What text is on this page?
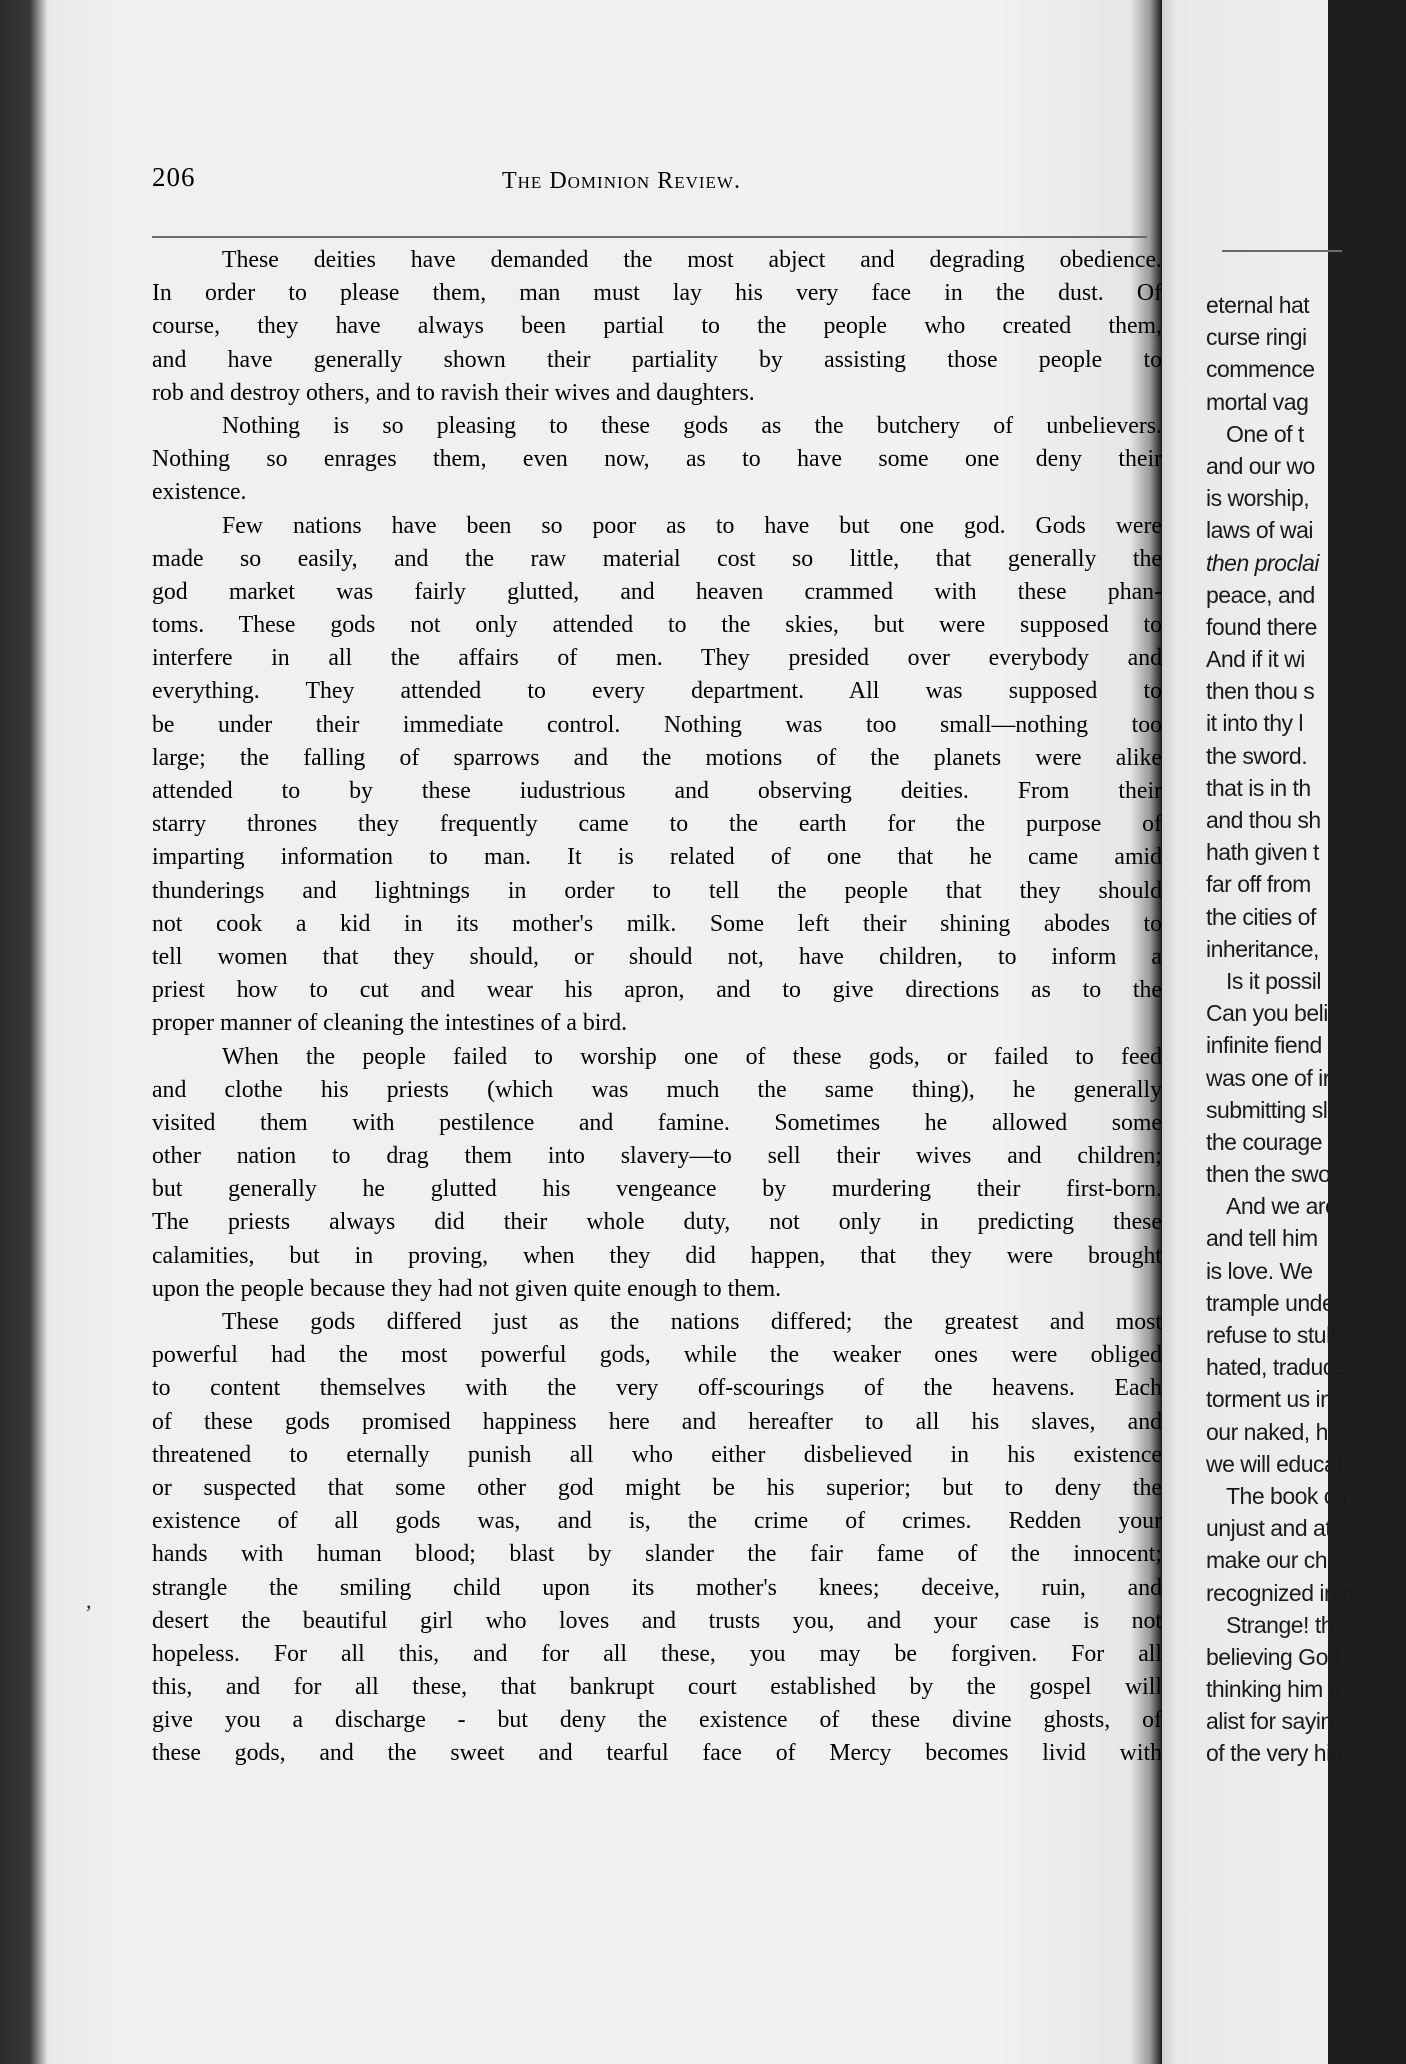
206	The Dominion Review.
These deities have demanded the most abject and degrading obedience.
In order to please them, man must lay his very face in the dust. Of
course, they have always been partial to the people who created them,
and have generally shown their partiality by assisting those people to
rob and destroy others, and to ravish their wives and daughters.
Nothing is so pleasing to these gods as the butchery of unbelievers.
Nothing so enrages them, even now, as to have some one deny their
existence.
Few nations have been so poor as to have but one god. Gods were
made so easily, and the raw material cost so little, that generally the
god market was fairly glutted, and heaven crammed with these phan-
toms. These gods not only attended to the skies, but were supposed to
interfere in all the affairs of men. They presided over everybody and
everything. They attended to every department. All was supposed to
be under their immediate control. Nothing was too small—nothing too
large; the falling of sparrows and the motions of the planets were alike
attended to by these iudustrious and observing deities. From their
starry thrones they frequently came to the earth for the purpose of
imparting information to man. It is related of one that he came amid
thunderings and lightnings in order to tell the people that they should
not cook a kid in its mother's milk. Some left their shining abodes to
tell women that they should, or should not, have children, to inform a
priest how to cut and wear his apron, and to give directions as to the
proper manner of cleaning the intestines of a bird.
When the people failed to worship one of these gods, or failed to feed
and clothe his priests (which was much the same thing), he generally
visited them with pestilence and famine. Sometimes he allowed some
other nation to drag them into slavery—to sell their wives and children;
but generally he glutted his vengeance by murdering their first-born.
The priests always did their whole duty, not only in predicting these
calamities, but in proving, when they did happen, that they were brought
upon the people because they had not given quite enough to them.
These gods differed just as the nations differed; the greatest and most
powerful had the most powerful gods, while the weaker ones were obliged
to content themselves with the very off-scourings of the heavens. Each
of these gods promised happiness here and hereafter to all his slaves, and
threatened to eternally punish all who either disbelieved in his existence
or suspected that some other god might be his superior; but to deny the
existence of all gods was, and is, the crime of crimes. Redden your
hands with human blood; blast by slander the fair fame of the innocent;
strangle the smiling child upon its mother's knees; deceive, ruin, and
desert the beautiful girl who loves and trusts you, and your case is not
hopeless. For all this, and for all these, you may be forgiven. For all
this, and for all these, that bankrupt court established by the gospel will
give you a discharge - but deny the existence of these divine ghosts, of
these gods, and the sweet and tearful face of Mercy becomes livid with
,
eternal hat
curse ringi
commence
mortal vag
One of t
and our wo
is worship,
laws of wai
then proclai
peace, and
found there
And if it wi
then thou s
it into thy l
the sword.
that is in th
and thou sh
hath given t
far off from
the cities of
inheritance,
Is it possil
Can you beli
infinite fiend
was one of ir
submitting sl
the courage t
then the swor
And we are
and tell him
is love. We
trample unde
refuse to stult
hated, traduce
torment us in
our naked, he
we will educat
The book ca
unjust and atr
make our chil
recognized in c
Strange! th
believing God
thinking him g
alist for sayin
of the very hig
